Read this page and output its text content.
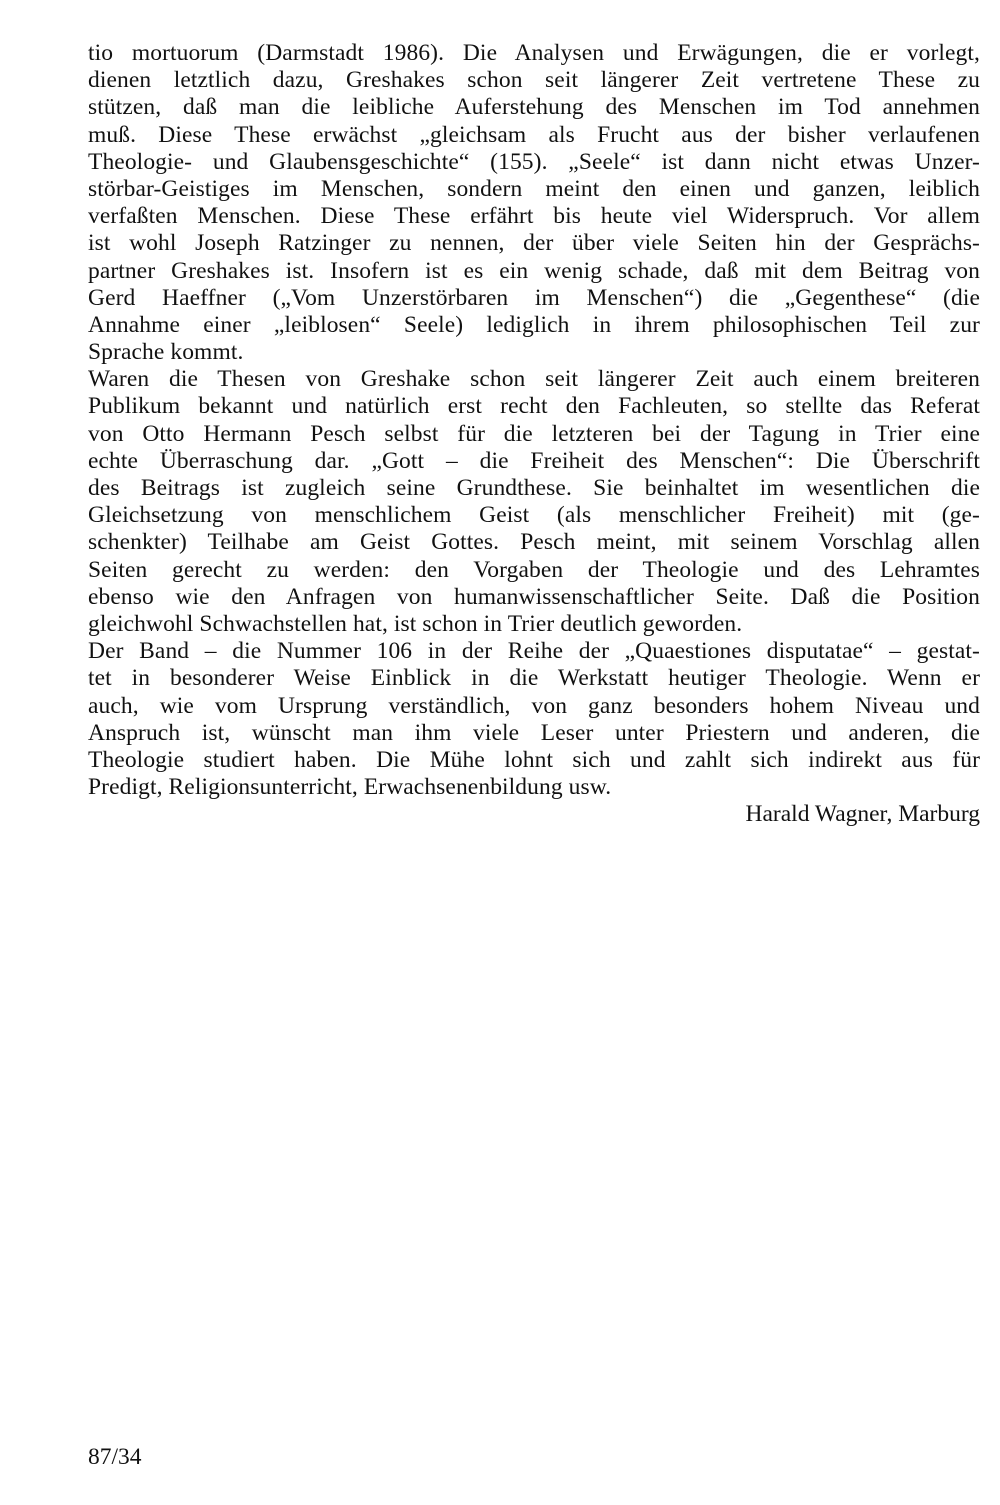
tio mortuorum (Darmstadt 1986). Die Analysen und Erwägungen, die er vorlegt,
dienen letztlich dazu, Greshakes schon seit längerer Zeit vertretene These zu
stützen, daß man die leibliche Auferstehung des Menschen im Tod annehmen
muß. Diese These erwächst „gleichsam als Frucht aus der bisher verlaufenen
Theologie- und Glaubensgeschichte“ (155). „Seele“ ist dann nicht etwas Unzer-
störbar-Geistiges im Menschen, sondern meint den einen und ganzen, leiblich
verfaßten Menschen. Diese These erfährt bis heute viel Widerspruch. Vor allem
ist wohl Joseph Ratzinger zu nennen, der über viele Seiten hin der Gesprächs-
partner Greshakes ist. Insofern ist es ein wenig schade, daß mit dem Beitrag von
Gerd Haeffner („Vom Unzerstörbaren im Menschen“) die „Gegenthese“ (die
Annahme einer „leiblosen“ Seele) lediglich in ihrem philosophischen Teil zur
Sprache kommt.
Waren die Thesen von Greshake schon seit längerer Zeit auch einem breiteren
Publikum bekannt und natürlich erst recht den Fachleuten, so stellte das Referat
von Otto Hermann Pesch selbst für die letzteren bei der Tagung in Trier eine
echte Überraschung dar. „Gott – die Freiheit des Menschen“: Die Überschrift
des Beitrags ist zugleich seine Grundthese. Sie beinhaltet im wesentlichen die
Gleichsetzung von menschlichem Geist (als menschlicher Freiheit) mit (ge-
schenkter) Teilhabe am Geist Gottes. Pesch meint, mit seinem Vorschlag allen
Seiten gerecht zu werden: den Vorgaben der Theologie und des Lehramtes
ebenso wie den Anfragen von humanwissenschaftlicher Seite. Daß die Position
gleichwohl Schwachstellen hat, ist schon in Trier deutlich geworden.
Der Band – die Nummer 106 in der Reihe der „Quaestiones disputatae“ – gestat-
tet in besonderer Weise Einblick in die Werkstatt heutiger Theologie. Wenn er
auch, wie vom Ursprung verständlich, von ganz besonders hohem Niveau und
Anspruch ist, wünscht man ihm viele Leser unter Priestern und anderen, die
Theologie studiert haben. Die Mühe lohnt sich und zahlt sich indirekt aus für
Predigt, Religionsunterricht, Erwachsenenbildung usw.
Harald Wagner, Marburg
87/34
